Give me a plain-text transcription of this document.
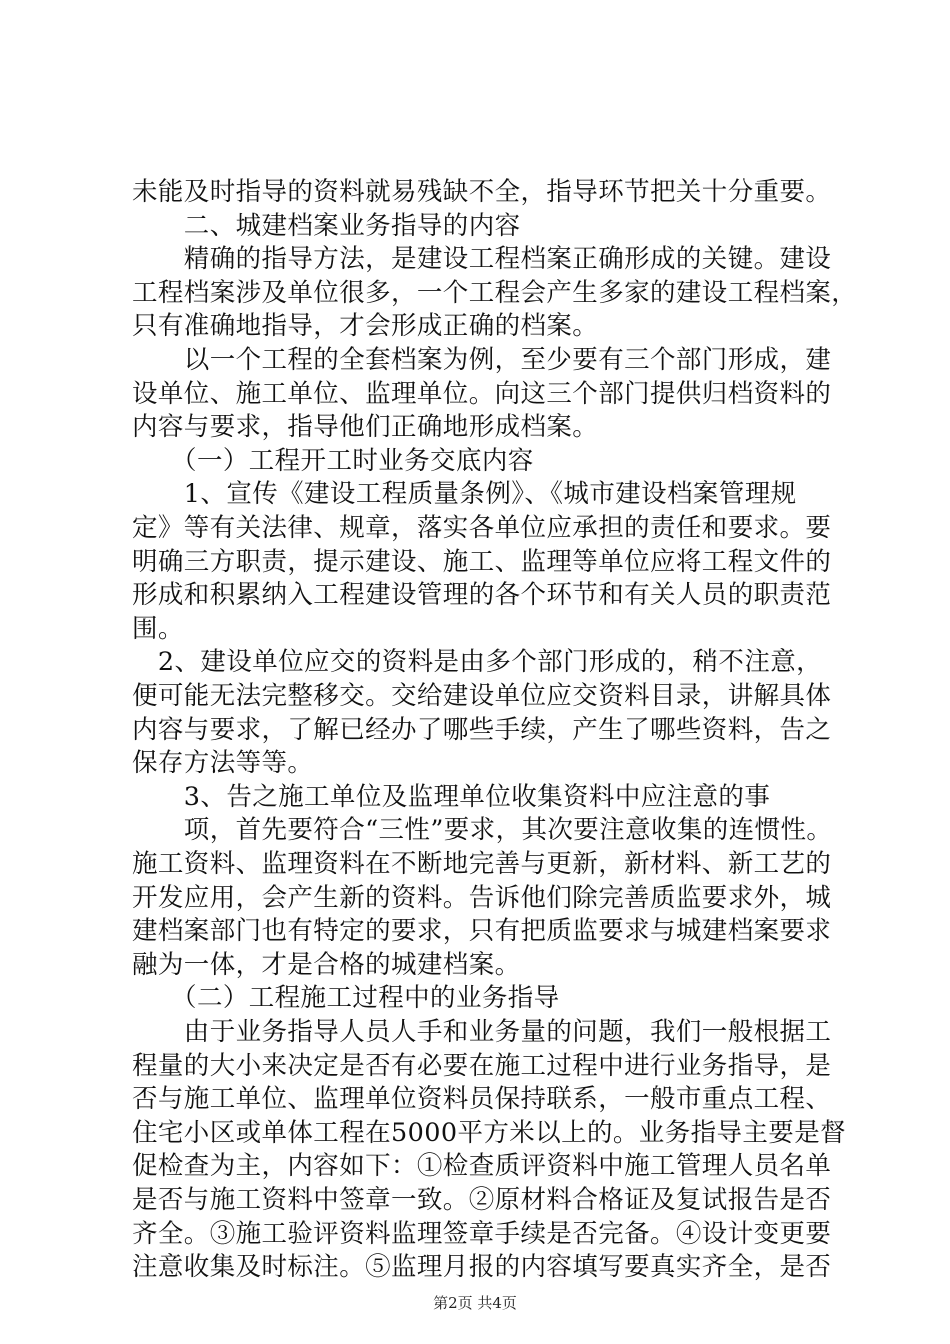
未能及时指导的资料就易残缺不全，指导环节把关十分重要。
　　二、城建档案业务指导的内容
　　精确的指导方法，是建设工程档案正确形成的关键。建设
工程档案涉及单位很多，一个工程会产生多家的建设工程档案，
只有准确地指导，才会形成正确的档案。
　　以一个工程的全套档案为例，至少要有三个部门形成，建
设单位、施工单位、监理单位。向这三个部门提供归档资料的
内容与要求，指导他们正确地形成档案。
　　（一）工程开工时业务交底内容
　　1、宣传《建设工程质量条例》、《城市建设档案管理规
定》等有关法律、规章，落实各单位应承担的责任和要求。要
明确三方职责，提示建设、施工、监理等单位应将工程文件的
形成和积累纳入工程建设管理的各个环节和有关人员的职责范
围。
　2、建设单位应交的资料是由多个部门形成的，稍不注意，
便可能无法完整移交。交给建设单位应交资料目录，讲解具体
内容与要求，了解已经办了哪些手续，产生了哪些资料，告之
保存方法等等。
　　3、告之施工单位及监理单位收集资料中应注意的事
　　项，首先要符合“三性”要求，其次要注意收集的连惯性。
施工资料、监理资料在不断地完善与更新，新材料、新工艺的
开发应用，会产生新的资料。告诉他们除完善质监要求外，城
建档案部门也有特定的要求，只有把质监要求与城建档案要求
融为一体，才是合格的城建档案。
　　（二）工程施工过程中的业务指导
　　由于业务指导人员人手和业务量的问题，我们一般根据工
程量的大小来决定是否有必要在施工过程中进行业务指导，是
否与施工单位、监理单位资料员保持联系，一般市重点工程、
住宅小区或单体工程在5000平方米以上的。业务指导主要是督
促检查为主，内容如下：①检查质评资料中施工管理人员名单
是否与施工资料中签章一致。②原材料合格证及复试报告是否
齐全。③施工验评资料监理签章手续是否完备。④设计变更要
注意收集及时标注。⑤监理月报的内容填写要真实齐全，是否
第2页 共4页
